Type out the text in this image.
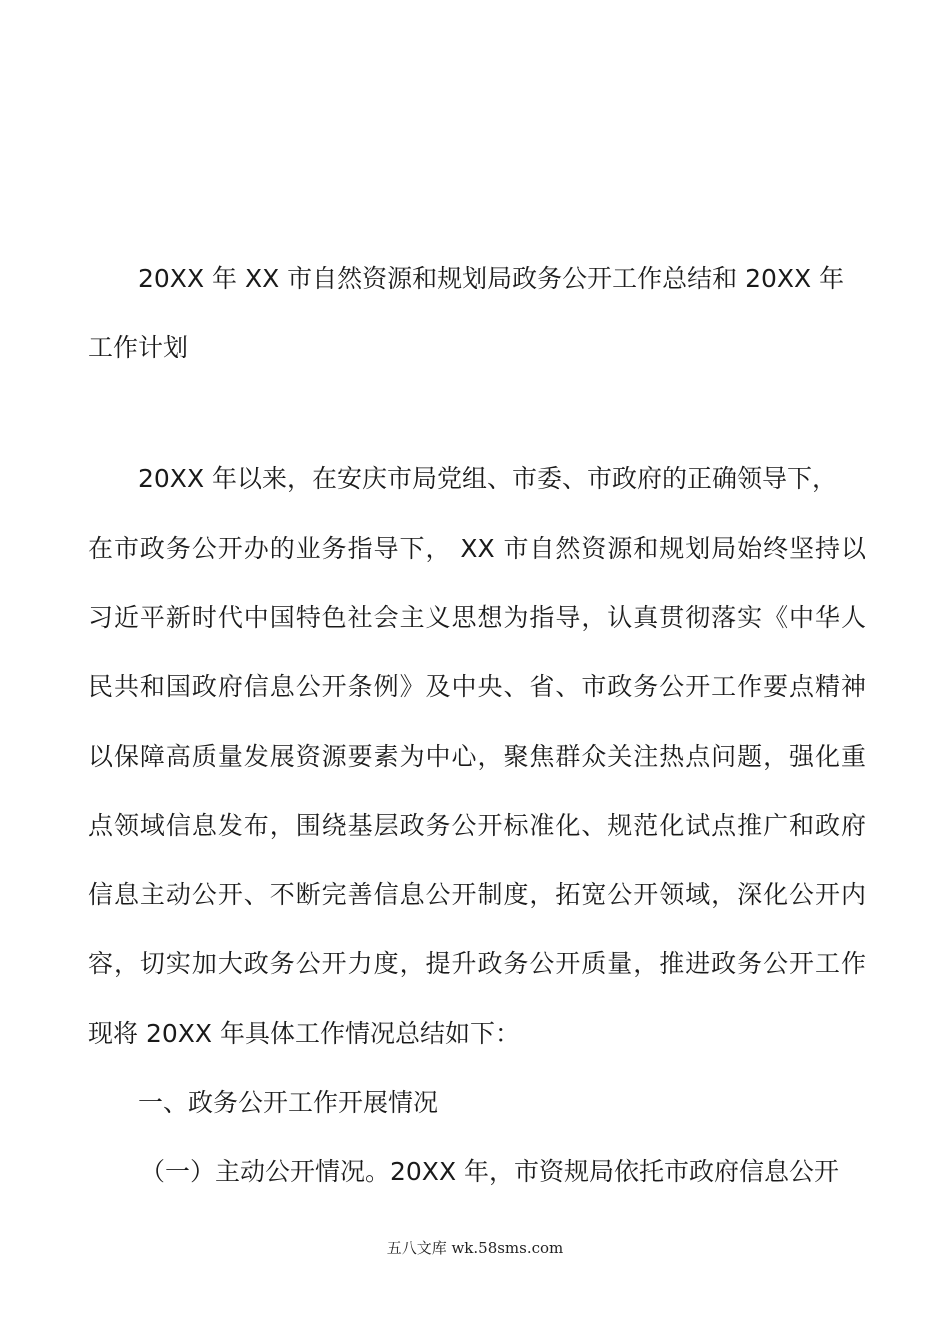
20XX 年 XX 市自然资源和规划局政务公开工作总结和 20XX 年
工作计划
20XX 年以来，在安庆市局党组、市委、市政府的正确领导下，
在市政务公开办的业务指导下， XX 市自然资源和规划局始终坚持以
习近平新时代中国特色社会主义思想为指导，认真贯彻落实《中华人
民共和国政府信息公开条例》及中央、省、市政务公开工作要点精神
以保障高质量发展资源要素为中心，聚焦群众关注热点问题，强化重
点领域信息发布，围绕基层政务公开标准化、规范化试点推广和政府
信息主动公开、不断完善信息公开制度，拓宽公开领域，深化公开内
容，切实加大政务公开力度，提升政务公开质量，推进政务公开工作
现将 20XX 年具体工作情况总结如下：
一、政务公开工作开展情况
（一）主动公开情况。20XX 年，市资规局依托市政府信息公开
五八文库 wk.58sms.com
